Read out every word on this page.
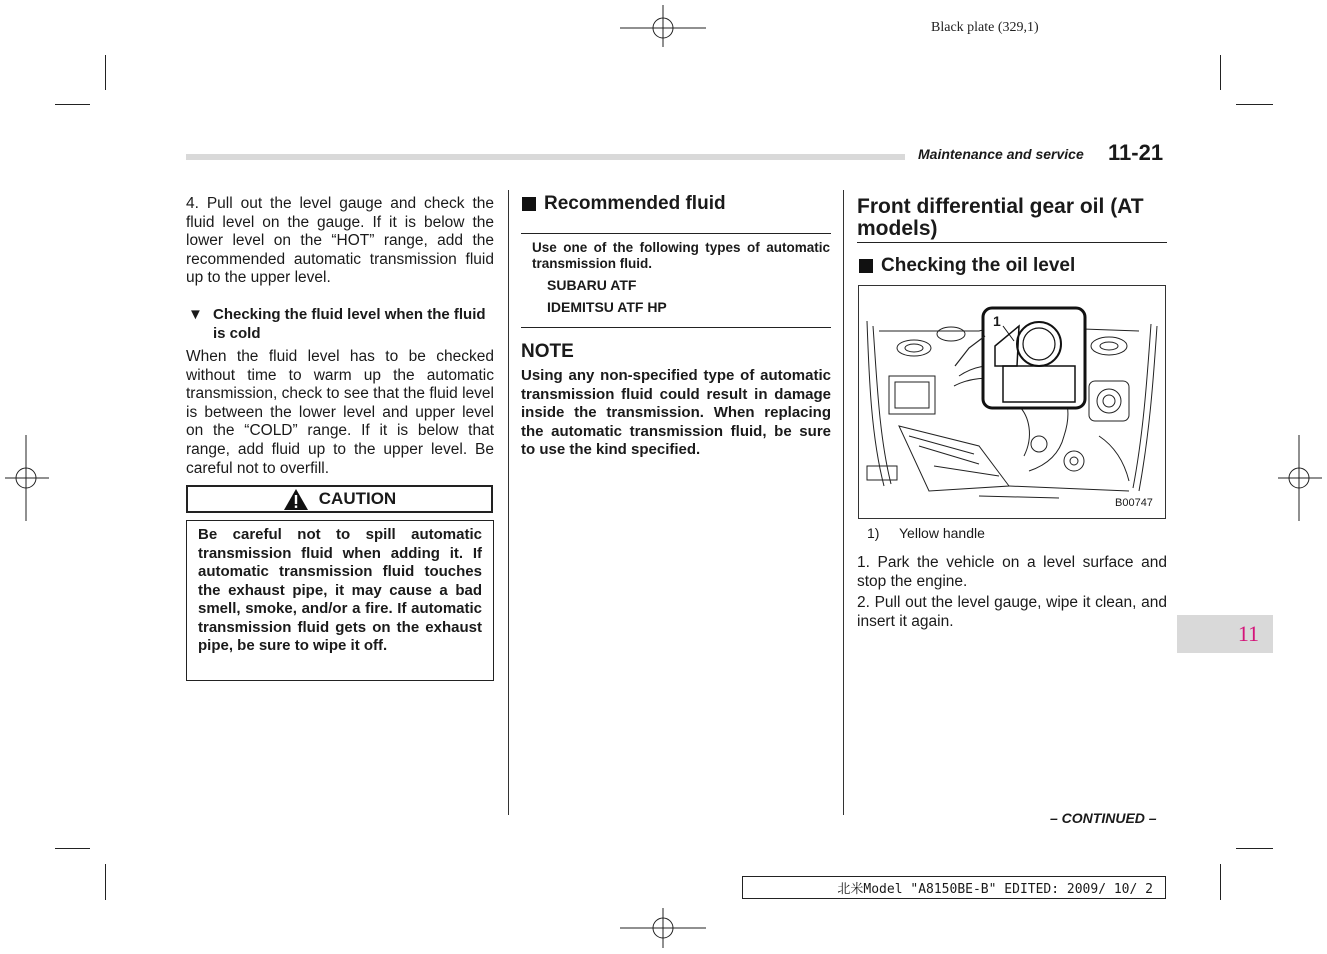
Black plate (329,1)
Maintenance and service 11-21
4. Pull out the level gauge and check the fluid level on the gauge. If it is below the lower level on the “HOT” range, add the recommended automatic transmission fluid up to the upper level.
▼ Checking the fluid level when the fluid is cold
When the fluid level has to be checked without time to warm up the automatic transmission, check to see that the fluid level is between the lower level and upper level on the “COLD” range. If it is below that range, add fluid up to the upper level. Be careful not to overfill.
CAUTION
Be careful not to spill automatic transmission fluid when adding it. If automatic transmission fluid touches the exhaust pipe, it may cause a bad smell, smoke, and/or a fire. If automatic transmission fluid gets on the exhaust pipe, be sure to wipe it off.
Recommended fluid
Use one of the following types of automatic transmission fluid.
SUBARU ATF
IDEMITSU ATF HP
NOTE
Using any non-specified type of automatic transmission fluid could result in damage inside the transmission. When replacing the automatic transmission fluid, be sure to use the kind specified.
Front differential gear oil (AT models)
Checking the oil level
1
B00747
1) Yellow handle
1. Park the vehicle on a level surface and stop the engine.
2. Pull out the level gauge, wipe it clean, and insert it again.
– CONTINUED –
11
北米Model "A8150BE-B" EDITED: 2009/ 10/ 2
